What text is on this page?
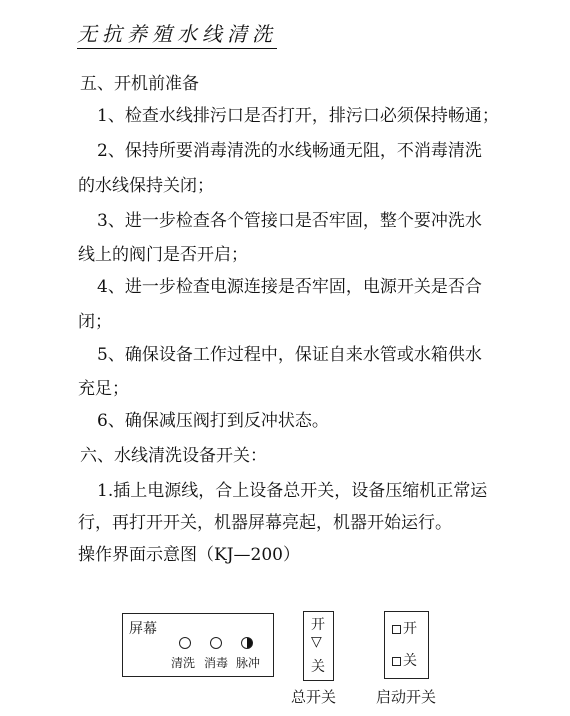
无抗养殖水线清洗
五、开机前准备
1、检查水线排污口是否打开，排污口必须保持畅通；
2、保持所要消毒清洗的水线畅通无阻，不消毒清洗
的水线保持关闭；
3、进一步检查各个管接口是否牢固，整个要冲洗水
线上的阀门是否开启；
4、进一步检查电源连接是否牢固，电源开关是否合
闭；
5、确保设备工作过程中，保证自来水管或水箱供水
充足；
6、确保减压阀打到反冲状态。
六、水线清洗设备开关：
1.插上电源线，合上设备总开关，设备压缩机正常运
行，再打开开关，机器屏幕亮起，机器开始运行。
操作界面示意图（KJ—200）
屏幕
清洗 消毒 脉冲
开
▽
关
总开关
开
关
启动开关
